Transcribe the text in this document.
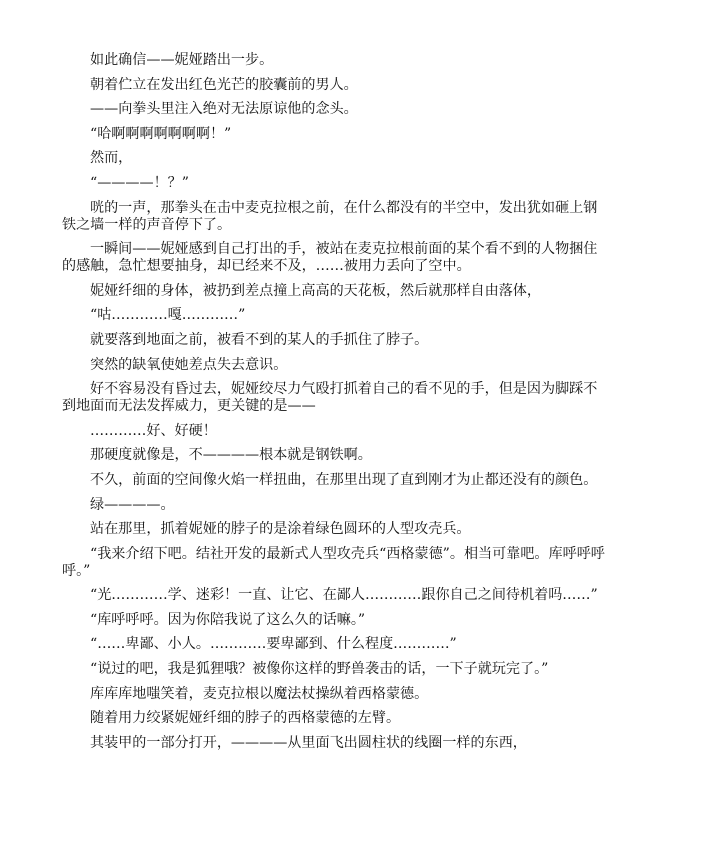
如此确信——妮娅踏出一步。

朝着伫立在发出红色光芒的胶囊前的男人。

——向拳头里注入绝对无法原谅他的念头。

“哈啊啊啊啊啊啊啊！”

然而，

“————！？”

咣的一声，那拳头在击中麦克拉根之前，在什么都没有的半空中，发出犹如砸上钢铁之墙一样的声音停下了。

一瞬间——妮娅感到自己打出的手，被站在麦克拉根前面的某个看不到的人物捆住的感触，急忙想要抽身，却已经来不及，……被用力丢向了空中。

妮娅纤细的身体，被扔到差点撞上高高的天花板，然后就那样自由落体，

“咕…………嘎…………”

就要落到地面之前，被看不到的某人的手抓住了脖子。

突然的缺氧使她差点失去意识。

好不容易没有昏过去，妮娅绞尽力气殴打抓着自己的看不见的手，但是因为脚踩不到地面而无法发挥威力，更关键的是——

…………好、好硬！

那硬度就像是，不————根本就是钢铁啊。

不久，前面的空间像火焰一样扭曲，在那里出现了直到刚才为止都还没有的颜色。

绿————。

站在那里，抓着妮娅的脖子的是涂着绿色圆环的人型攻壳兵。

“我来介绍下吧。结社开发的最新式人型攻壳兵“西格蒙德”。相当可靠吧。库呼呼呼呼。”

“光…………学、迷彩！一直、让它、在鄙人…………跟你自己之间待机着吗……”

“库呼呼呼。因为你陪我说了这么久的话嘛。”

“……卑鄙、小人。…………要卑鄙到、什么程度…………”

“说过的吧，我是狐狸哦？被像你这样的野兽袭击的话，一下子就玩完了。”

库库库地嗤笑着，麦克拉根以魔法杖操纵着西格蒙德。

随着用力绞紧妮娅纤细的脖子的西格蒙德的左臂。

其装甲的一部分打开，————从里面飞出圆柱状的线圈一样的东西，
